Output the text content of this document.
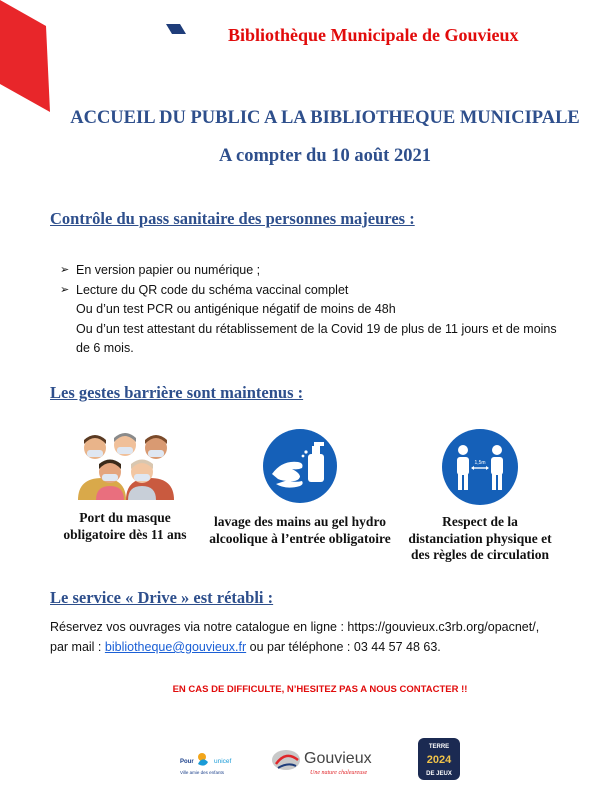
Bibliothèque Municipale de Gouvieux
ACCUEIL DU PUBLIC A LA BIBLIOTHEQUE MUNICIPALE
A compter du 10 août 2021
Contrôle du pass sanitaire des personnes majeures :
➢ En version papier ou numérique ;
➢ Lecture du QR code du schéma vaccinal complet
Ou d’un test PCR ou antigénique négatif de moins de 48h
Ou d’un test attestant du rétablissement de la Covid 19 de plus de 11 jours et de moins de 6 mois.
Les gestes barrière sont maintenus :
Port du masque obligatoire dès 11 ans
lavage des mains au gel hydro alcoolique à l’entrée obligatoire
1,5m
Respect de la distanciation physique et des règles de circulation
Le service « Drive » est rétabli :
Réservez vos ouvrages via notre catalogue en ligne : https://gouvieux.c3rb.org/opacnet/,
par mail : bibliotheque@gouvieux.fr ou par téléphone : 03 44 57 48 63.
EN CAS DE DIFFICULTE, N’HESITEZ PAS A NOUS CONTACTER !!
Pour	unicef
Ville amie des enfants
Gouvieux
Une nature chaleureuse
TERRE
2024
DE JEUX
